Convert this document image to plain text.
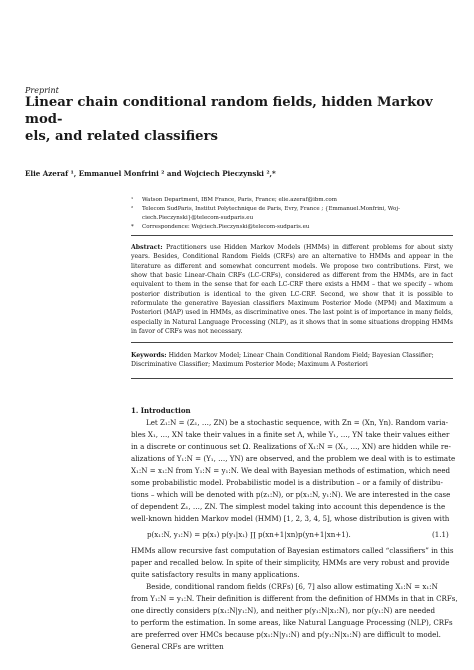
Preprint
Linear chain conditional random fields, hidden Markov mod-
els, and related classifiers
Elie Azeraf ¹, Emmanuel Monfrini ² and Wojciech Pieczynski ²,*
¹	Watson Department, IBM France, Paris, France; elie.azeraf@ibm.com
²	Telecom SudParis, Institut Polytechnique de Paris, Evry, France ; {Emmanuel.Monfrini, Woj-
ciech.Pieczynski}@telecom-sudparis.eu
*	Correspondence: Wojciech.Pieczynski@telecom-sudparis.eu
Abstract: Practitioners use Hidden Markov Models (HMMs) in different problems for about sixty years. Besides, Conditional Random Fields (CRFs) are an alternative to HMMs and appear in the literature as different and somewhat concurrent models. We propose two contributions. First, we show that basic Linear-Chain CRFs (LC-CRFs), considered as different from the HMMs, are in fact equivalent to them in the sense that for each LC-CRF there exists a HMM – that we specify – whom posterior distribution is identical to the given LC-CRF. Second, we show that it is possible to reformulate the generative Bayesian classifiers Maximum Posterior Mode (MPM) and Maximum a Posteriori (MAP) used in HMMs, as discriminative ones. The last point is of importance in many fields, especially in Natural Language Processing (NLP), as it shows that in some situations dropping HMMs in favor of CRFs was not necessary.
Keywords: Hidden Markov Model; Linear Chain Conditional Random Field; Bayesian Classifier; Discriminative Classifier; Maximum Posterior Mode; Maximum A Posteriori
1. Introduction
Let Z₁:N = (Z₁, …, ZN) be a stochastic sequence, with Zn = (Xn, Yn). Random varia-
bles X₁, …, XN take their values in a finite set Λ, while Y₁, …, YN take their values either
in a discrete or continuous set Ω. Realizations of X₁:N = (X₁, …, XN) are hidden while re-
alizations of Y₁:N = (Y₁, …, YN) are observed, and the problem we deal with is to estimate
X₁:N = x₁:N from Y₁:N = y₁:N. We deal with Bayesian methods of estimation, which need
some probabilistic model. Probabilistic model is a distribution – or a family of distribu-
tions – which will be denoted with p(z₁:N), or p(x₁:N, y₁:N). We are interested in the case
of dependent Z₁, …, ZN. The simplest model taking into account this dependence is the
well-known hidden Markov model (HMM) [1, 2, 3, 4, 5], whose distribution is given with
p(x₁:N, y₁:N) = p(x₁) p(y₁|x₁) ∏ p(xn+1|xn)p(yn+1|xn+1).	(1.1)
HMMs allow recursive fast computation of Bayesian estimators called “classifiers” in this
paper and recalled below. In spite of their simplicity, HMMs are very robust and provide
quite satisfactory results in many applications.
Beside, conditional random fields (CRFs) [6, 7] also allow estimating X₁:N = x₁:N
from Y₁:N = y₁:N. Their definition is different from the definition of HMMs in that in CRFs,
one directly considers p(x₁:N|y₁:N), and neither p(y₁:N|x₁:N), nor p(y₁:N) are needed
to perform the estimation. In some areas, like Natural Language Processing (NLP), CRFs
are preferred over HMCs because p(x₁:N|y₁:N) and p(y₁:N|x₁:N) are difficult to model.
General CRFs are written
